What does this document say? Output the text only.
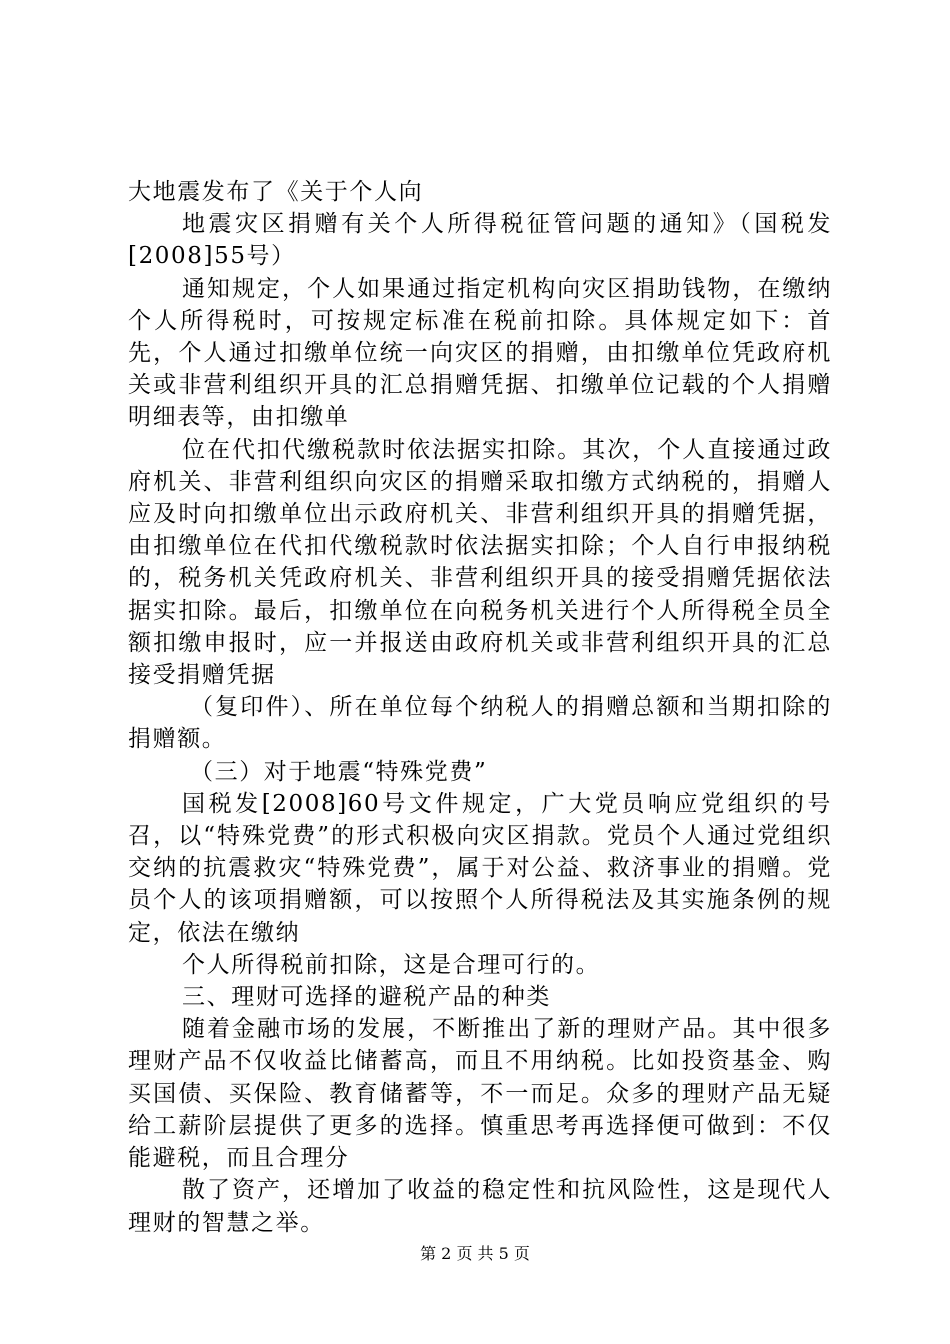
大地震发布了《关于个人向

地震灾区捐赠有关个人所得税征管问题的通知》（国税发[2008]55号）

通知规定，个人如果通过指定机构向灾区捐助钱物，在缴纳个人所得税时，可按规定标准在税前扣除。具体规定如下：首先，个人通过扣缴单位统一向灾区的捐赠，由扣缴单位凭政府机关或非营利组织开具的汇总捐赠凭据、扣缴单位记载的个人捐赠明细表等，由扣缴单

位在代扣代缴税款时依法据实扣除。其次，个人直接通过政府机关、非营利组织向灾区的捐赠采取扣缴方式纳税的，捐赠人应及时向扣缴单位出示政府机关、非营利组织开具的捐赠凭据，由扣缴单位在代扣代缴税款时依法据实扣除；个人自行申报纳税的，税务机关凭政府机关、非营利组织开具的接受捐赠凭据依法据实扣除。最后，扣缴单位在向税务机关进行个人所得税全员全额扣缴申报时，应一并报送由政府机关或非营利组织开具的汇总接受捐赠凭据

（复印件）、所在单位每个纳税人的捐赠总额和当期扣除的捐赠额。

（三）对于地震“特殊党费”

国税发[2008]60号文件规定，广大党员响应党组织的号召，以“特殊党费”的形式积极向灾区捐款。党员个人通过党组织交纳的抗震救灾“特殊党费”，属于对公益、救济事业的捐赠。党员个人的该项捐赠额，可以按照个人所得税法及其实施条例的规定，依法在缴纳

个人所得税前扣除，这是合理可行的。

三、理财可选择的避税产品的种类

随着金融市场的发展，不断推出了新的理财产品。其中很多理财产品不仅收益比储蓄高，而且不用纳税。比如投资基金、购买国债、买保险、教育储蓄等，不一而足。众多的理财产品无疑给工薪阶层提供了更多的选择。慎重思考再选择便可做到：不仅能避税，而且合理分

散了资产，还增加了收益的稳定性和抗风险性，这是现代人理财的智慧之举。

第 2 页 共 5 页
